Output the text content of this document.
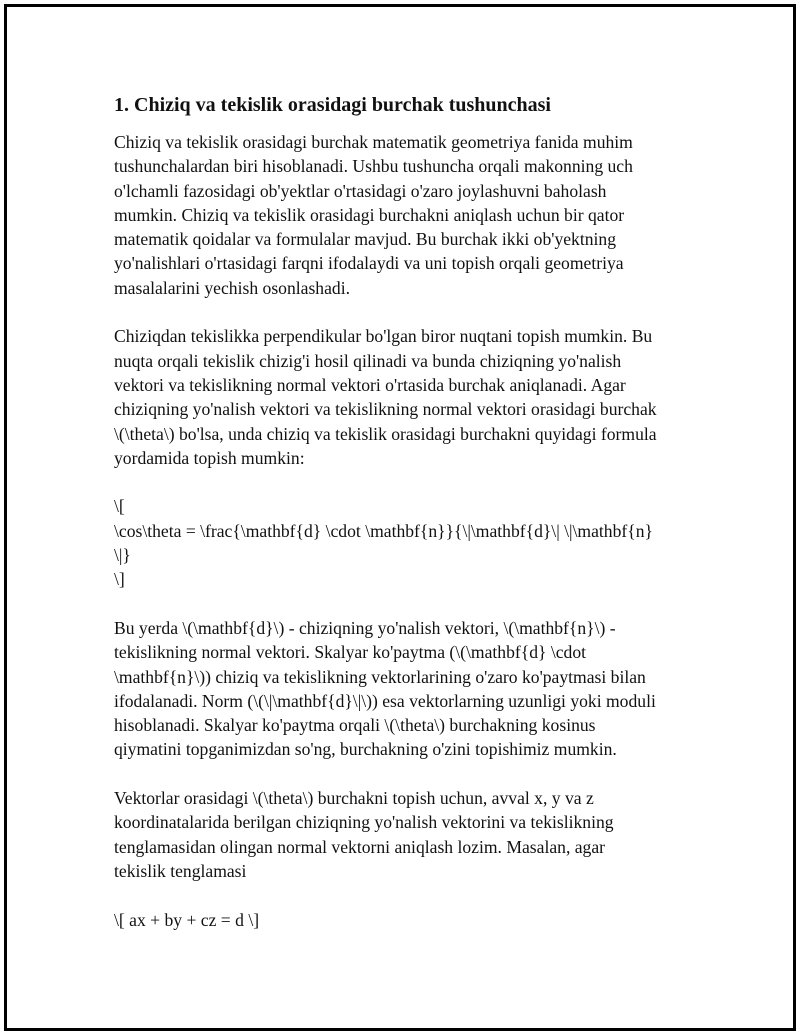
1. Chiziq va tekislik orasidagi burchak tushunchasi
Chiziq va tekislik orasidagi burchak matematik geometriya fanida muhim
tushunchalardan biri hisoblanadi. Ushbu tushuncha orqali makonning uch
o'lchamli fazosidagi ob'yektlar o'rtasidagi o'zaro joylashuvni baholash
mumkin. Chiziq va tekislik orasidagi burchakni aniqlash uchun bir qator
matematik qoidalar va formulalar mavjud. Bu burchak ikki ob'yektning
yo'nalishlari o'rtasidagi farqni ifodalaydi va uni topish orqali geometriya
masalalarini yechish osonlashadi.
Chiziqdan tekislikka perpendikular bo'lgan biror nuqtani topish mumkin. Bu
nuqta orqali tekislik chizig'i hosil qilinadi va bunda chiziqning yo'nalish
vektori va tekislikning normal vektori o'rtasida burchak aniqlanadi. Agar
chiziqning yo'nalish vektori va tekislikning normal vektori orasidagi burchak
\(\theta\) bo'lsa, unda chiziq va tekislik orasidagi burchakni quyidagi formula
yordamida topish mumkin:
\[
\cos\theta = \frac{\mathbf{d} \cdot \mathbf{n}}{\|\mathbf{d}\| \|\mathbf{n}
\|}
\]
Bu yerda \(\mathbf{d}\) - chiziqning yo'nalish vektori, \(\mathbf{n}\) -
tekislikning normal vektori. Skalyar ko'paytma (\(\mathbf{d} \cdot
\mathbf{n}\)) chiziq va tekislikning vektorlarining o'zaro ko'paytmasi bilan
ifodalanadi. Norm (\(\|\mathbf{d}\|\)) esa vektorlarning uzunligi yoki moduli
hisoblanadi. Skalyar ko'paytma orqali \(\theta\) burchakning kosinus
qiymatini topganimizdan so'ng, burchakning o'zini topishimiz mumkin.
Vektorlar orasidagi \(\theta\) burchakni topish uchun, avval x, y va z
koordinatalarida berilgan chiziqning yo'nalish vektorini va tekislikning
tenglamasidan olingan normal vektorni aniqlash lozim. Masalan, agar
tekislik tenglamasi
\[ ax + by + cz = d \]
